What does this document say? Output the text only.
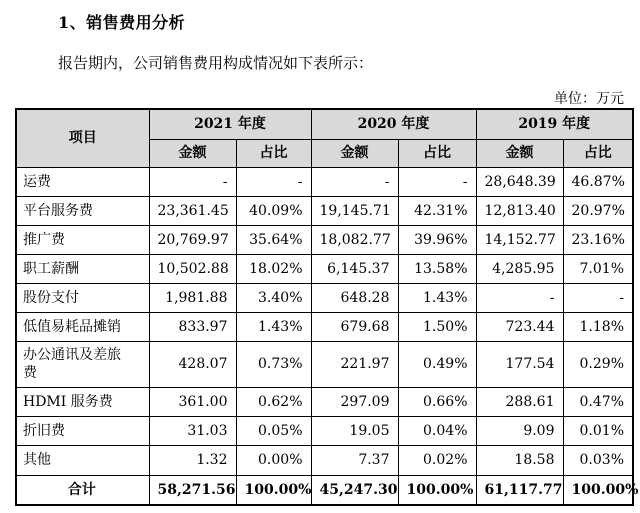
1、销售费用分析
报告期内，公司销售费用构成情况如下表所示：
单位：万元
项目	2021 年度		2020 年度		2019 年度	
	金额	占比	金额	占比	金额	占比
运费	-	-	-	-	28,648.39	46.87%
平台服务费	23,361.45	40.09%	19,145.71	42.31%	12,813.40	20.97%
推广费	20,769.97	35.64%	18,082.77	39.96%	14,152.77	23.16%
职工薪酬	10,502.88	18.02%	6,145.37	13.58%	4,285.95	7.01%
股份支付	1,981.88	3.40%	648.28	1.43%	-	-
低值易耗品摊销	833.97	1.43%	679.68	1.50%	723.44	1.18%

办公通讯及差旅
费	428.07	0.73%	221.97	0.49%	177.54	0.29%
HDMI 服务费	361.00	0.62%	297.09	0.66%	288.61	0.47%
折旧费	31.03	0.05%	19.05	0.04%	9.09	0.01%
其他	1.32	0.00%	7.37	0.02%	18.58	0.03%
合计	58,271.56	100.00%	45,247.30	100.00%	61,117.77	100.00%
